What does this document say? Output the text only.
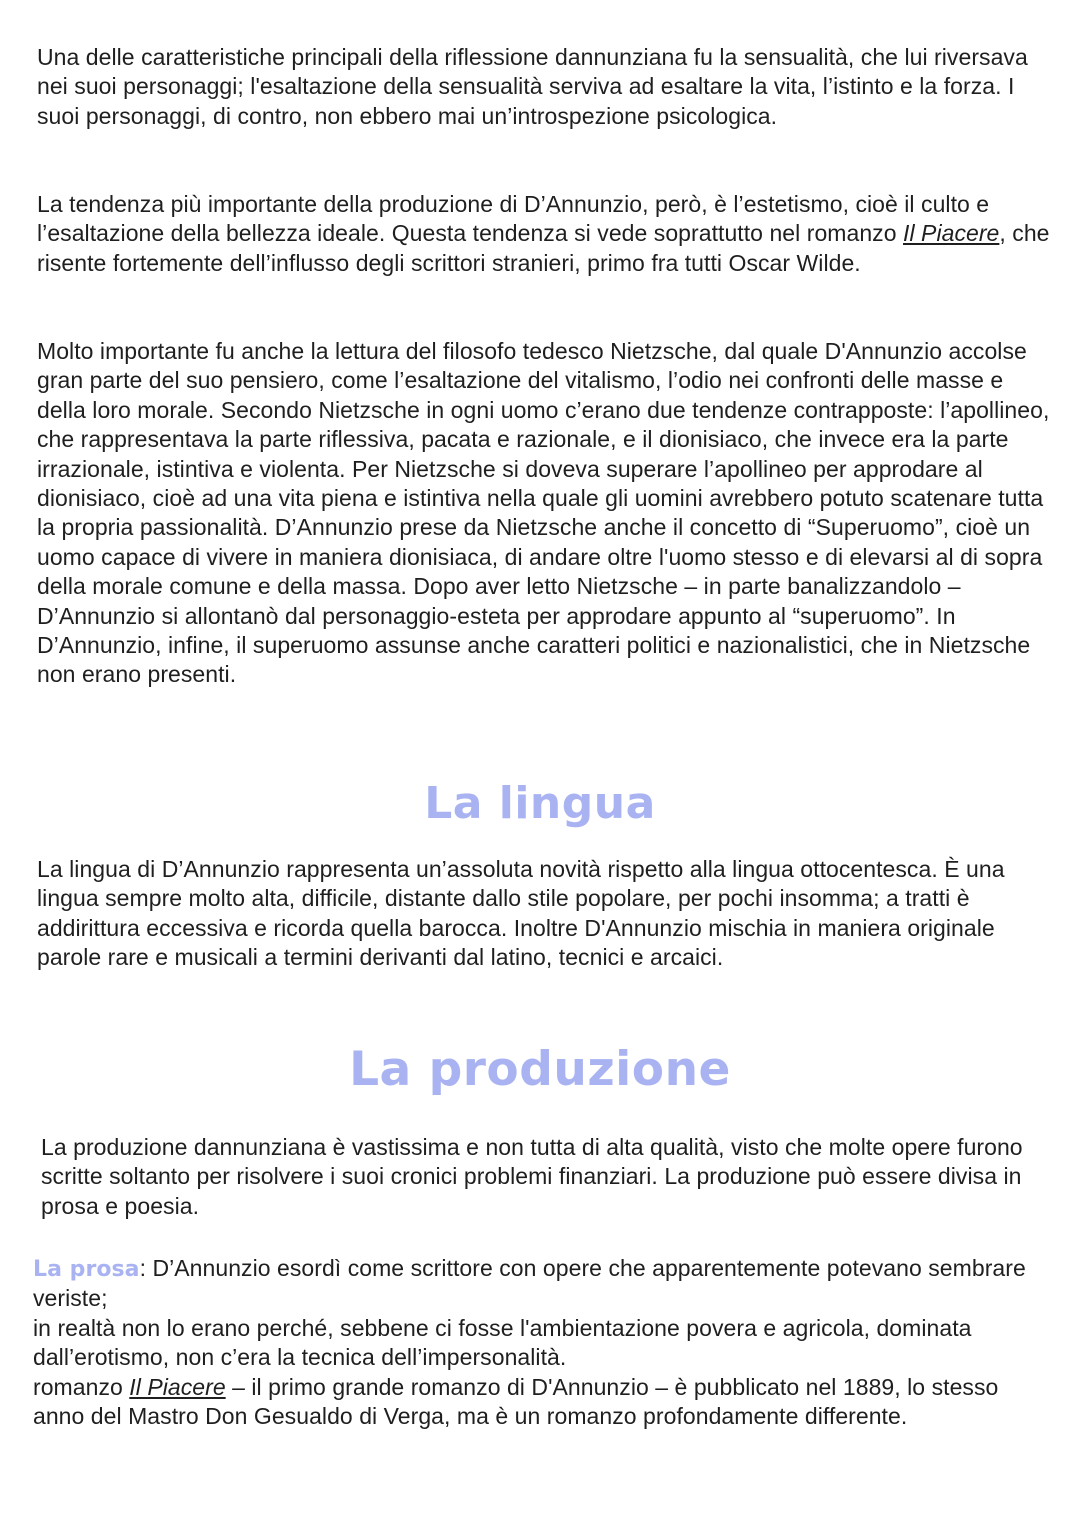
Una delle caratteristiche principali della riflessione dannunziana fu la sensualità, che lui riversava nei suoi personaggi; l'esaltazione della sensualità serviva ad esaltare la vita, l’istinto e la forza. I suoi personaggi, di contro, non ebbero mai un’introspezione psicologica.

La tendenza più importante della produzione di D’Annunzio, però, è l’estetismo, cioè il culto e l’esaltazione della bellezza ideale. Questa tendenza si vede soprattutto nel romanzo Il Piacere, che risente fortemente dell’influsso degli scrittori stranieri, primo fra tutti Oscar Wilde.

Molto importante fu anche la lettura del filosofo tedesco Nietzsche, dal quale D'Annunzio accolse gran parte del suo pensiero, come l’esaltazione del vitalismo, l’odio nei confronti delle masse e della loro morale. Secondo Nietzsche in ogni uomo c’erano due tendenze contrapposte: l’apollineo, che rappresentava la parte riflessiva, pacata e razionale, e il dionisiaco, che invece era la parte irrazionale, istintiva e violenta. Per Nietzsche si doveva superare l’apollineo per approdare al dionisiaco, cioè ad una vita piena e istintiva nella quale gli uomini avrebbero potuto scatenare tutta la propria passionalità. D’Annunzio prese da Nietzsche anche il concetto di “Superuomo”, cioè un uomo capace di vivere in maniera dionisiaca, di andare oltre l'uomo stesso e di elevarsi al di sopra della morale comune e della massa. Dopo aver letto Nietzsche – in parte banalizzandolo – D’Annunzio si allontanò dal personaggio-esteta per approdare appunto al “superuomo”. In D’Annunzio, infine, il superuomo assunse anche caratteri politici e nazionalistici, che in Nietzsche non erano presenti.

La lingua

La lingua di D’Annunzio rappresenta un’assoluta novità rispetto alla lingua ottocentesca. È una lingua sempre molto alta, difficile, distante dallo stile popolare, per pochi insomma; a tratti è addirittura eccessiva e ricorda quella barocca. Inoltre D'Annunzio mischia in maniera originale parole rare e musicali a termini derivanti dal latino, tecnici e arcaici.

La produzione

La produzione dannunziana è vastissima e non tutta di alta qualità, visto che molte opere furono scritte soltanto per risolvere i suoi cronici problemi finanziari. La produzione può essere divisa in prosa e poesia.

La prosa: D’Annunzio esordì come scrittore con opere che apparentemente potevano sembrare veriste;
in realtà non lo erano perché, sebbene ci fosse l'ambientazione povera e agricola, dominata dall’erotismo, non c’era la tecnica dell’impersonalità.
romanzo Il Piacere – il primo grande romanzo di D'Annunzio – è pubblicato nel 1889, lo stesso anno del Mastro Don Gesualdo di Verga, ma è un romanzo profondamente differente.
